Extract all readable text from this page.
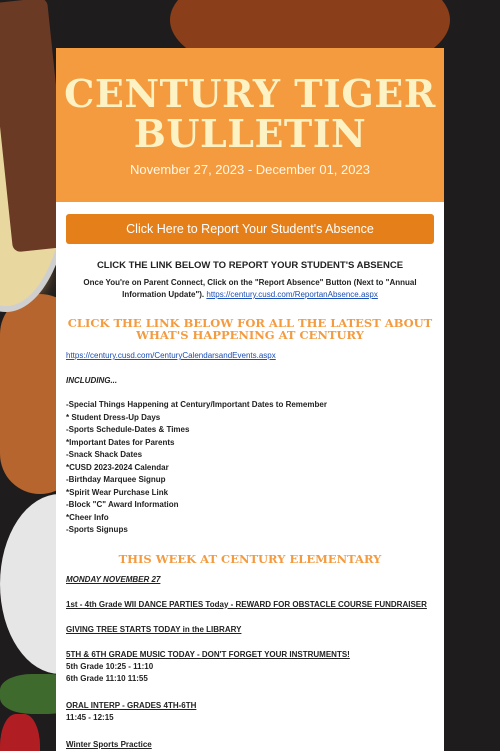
CENTURY TIGER BULLETIN
November 27, 2023 - December 01, 2023
Click Here to Report Your Student's Absence
CLICK THE LINK BELOW TO REPORT YOUR STUDENT'S ABSENCE

Once You're on Parent Connect, Click on the "Report Absence" Button (Next to "Annual Information Update"). https://century.cusd.com/ReportanAbsence.aspx

CLICK THE LINK BELOW FOR ALL THE LATEST ABOUT WHAT'S HAPPENING AT CENTURY

https://century.cusd.com/CenturyCalendarsandEvents.aspx

INCLUDING...

-Special Things Happening at Century/Important Dates to Remember
* Student Dress-Up Days
-Sports Schedule-Dates & Times
*Important Dates for Parents
-Snack Shack Dates
*CUSD 2023-2024 Calendar
-Birthday Marquee Signup
*Spirit Wear Purchase Link
-Block "C" Award Information
*Cheer Info
-Sports Signups
THIS WEEK AT CENTURY ELEMENTARY

MONDAY NOVEMBER 27

1st - 4th Grade WII DANCE PARTIES Today - REWARD FOR OBSTACLE COURSE FUNDRAISER

GIVING TREE STARTS TODAY in the LIBRARY

5TH & 6TH GRADE MUSIC TODAY - DON'T FORGET YOUR INSTRUMENTS!

5th Grade 10:25 - 11:10

6th Grade 11:10 11:55

ORAL INTERP - GRADES 4TH-6TH

11:45 - 12:15

Winter Sports Practice
